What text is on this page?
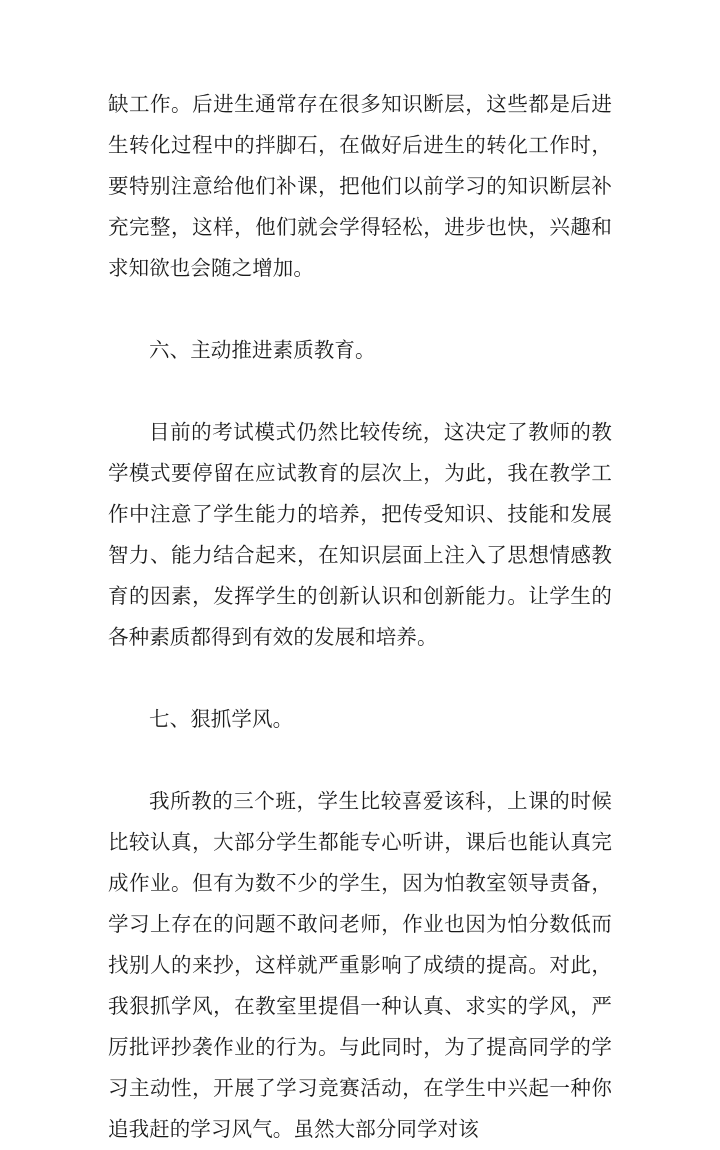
缺工作。后进生通常存在很多知识断层，这些都是后进生转化过程中的拌脚石，在做好后进生的转化工作时，要特别注意给他们补课，把他们以前学习的知识断层补充完整，这样，他们就会学得轻松，进步也快，兴趣和求知欲也会随之增加。

六、主动推进素质教育。

目前的考试模式仍然比较传统，这决定了教师的教学模式要停留在应试教育的层次上，为此，我在教学工作中注意了学生能力的培养，把传受知识、技能和发展智力、能力结合起来，在知识层面上注入了思想情感教育的因素，发挥学生的创新认识和创新能力。让学生的各种素质都得到有效的发展和培养。

七、狠抓学风。

我所教的三个班，学生比较喜爱该科，上课的时候比较认真，大部分学生都能专心听讲，课后也能认真完成作业。但有为数不少的学生，因为怕教室领导责备，学习上存在的问题不敢问老师，作业也因为怕分数低而找别人的来抄，这样就严重影响了成绩的提高。对此，我狠抓学风，在教室里提倡一种认真、求实的学风，严厉批评抄袭作业的行为。与此同时，为了提高同学的学习主动性，开展了学习竞赛活动，在学生中兴起一种你追我赶的学习风气。虽然大部分同学对该
